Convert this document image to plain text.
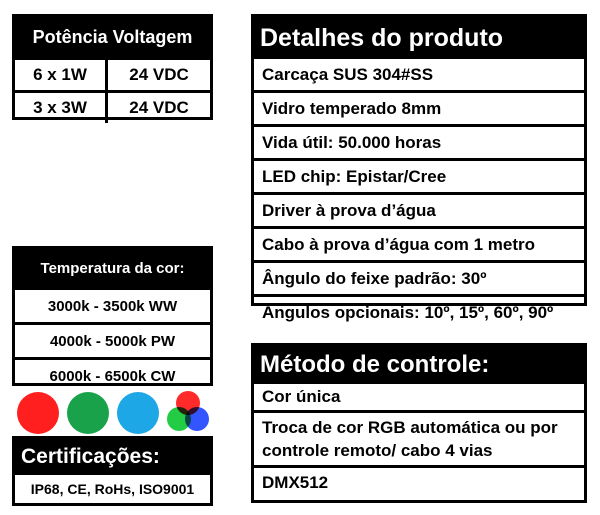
Potência Voltagem
6 x 1W	24 VDC
3 x 3W	24 VDC
Temperatura da cor:
3000k - 3500k WW
4000k - 5000k PW
6000k - 6500k CW
Certificações:
IP68, CE, RoHs, ISO9001
Detalhes do produto
Carcaça SUS 304#SS
Vidro temperado 8mm
Vida útil: 50.000 horas
LED chip: Epistar/Cree
Driver à prova d’água
Cabo à prova d’água com 1 metro
Ângulo do feixe padrão: 30º
Ângulos opcionais: 10º, 15º, 60º, 90º
Método de controle:
Cor única
Troca de cor RGB automática ou por controle remoto/ cabo 4 vias
DMX512
